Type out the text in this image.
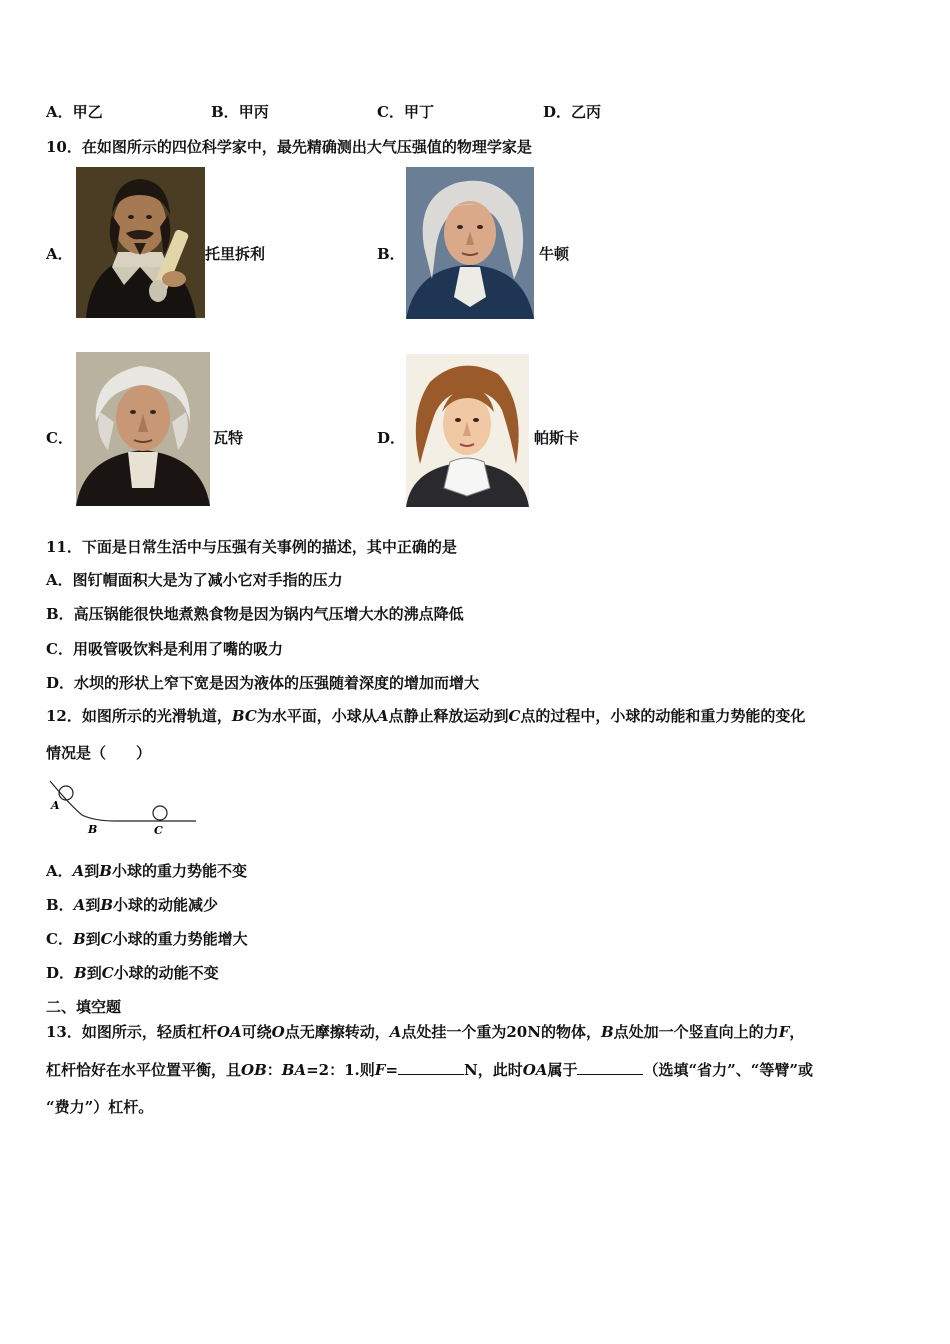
A．甲乙	B．甲丙	C．甲丁	D．乙丙
10．在如图所示的四位科学家中，最先精确测出大气压强值的物理学家是
A．	托里拆利	B．	牛顿
C．	瓦特	D．	帕斯卡
11．下面是日常生活中与压强有关事例的描述，其中正确的是
A．图钉帽面积大是为了减小它对手指的压力
B．高压锅能很快地煮熟食物是因为锅内气压增大水的沸点降低
C．用吸管吸饮料是利用了嘴的吸力
D．水坝的形状上窄下宽是因为液体的压强随着深度的增加而增大
12．如图所示的光滑轨道，BC为水平面，小球从A点静止释放运动到C点的过程中，小球的动能和重力势能的变化
情况是（　　）
A
B	C
A．A到B小球的重力势能不变
B．A到B小球的动能减少
C．B到C小球的重力势能增大
D．B到C小球的动能不变
二、填空题
13．如图所示，轻质杠杆OA可绕O点无摩擦转动，A点处挂一个重为20N的物体，B点处加一个竖直向上的力F，
杠杆恰好在水平位置平衡，且OB：BA=2：1.则F=	N，此时OA属于	（选填“省力”、“等臂”或
“费力”）杠杆。
